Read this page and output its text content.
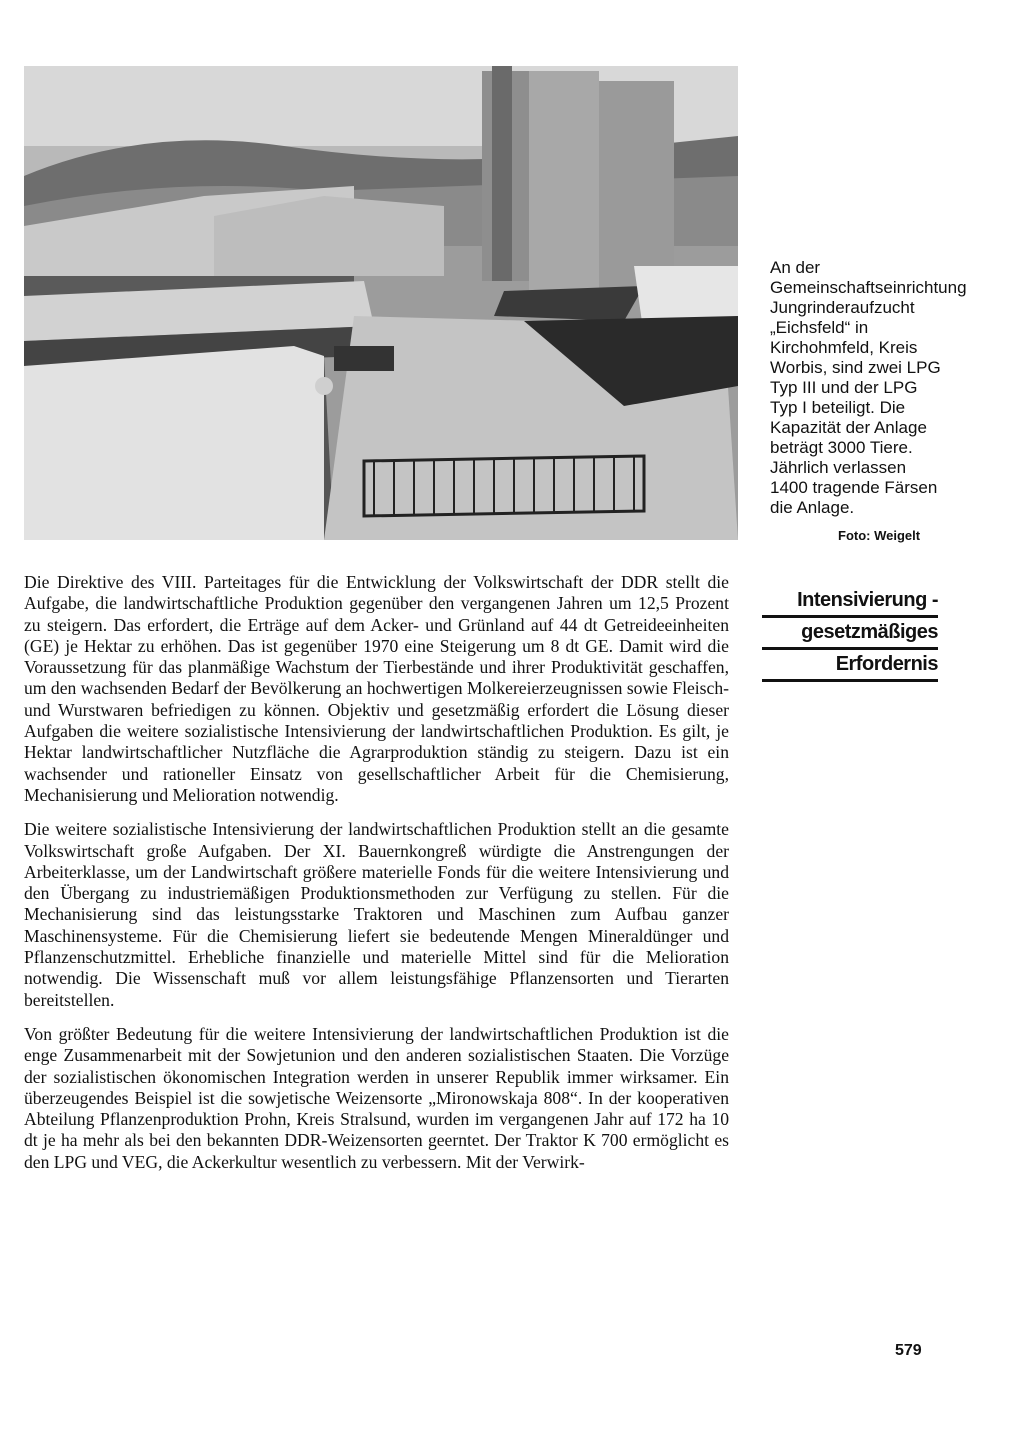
An der Gemeinschaftseinrichtung Jungrinderaufzucht „Eichsfeld“ in Kirchohmfeld, Kreis Worbis, sind zwei LPG Typ III und der LPG Typ I beteiligt. Die Kapazität der Anlage beträgt 3000 Tiere. Jährlich verlassen 1400 tragende Färsen die Anlage.
Foto: Weigelt
Intensivierung -
gesetzmäßiges
Erfordernis

Die Direktive des VIII. Parteitages für die Entwicklung der Volkswirtschaft der DDR stellt die Aufgabe, die landwirtschaftliche Produktion gegenüber den vergangenen Jahren um 12,5 Prozent zu steigern. Das erfordert, die Erträge auf dem Acker- und Grünland auf 44 dt Getreideeinheiten (GE) je Hektar zu erhöhen. Das ist gegenüber 1970 eine Steigerung um 8 dt GE. Damit wird die Voraussetzung für das planmäßige Wachstum der Tierbestände und ihrer Produktivität geschaffen, um den wachsenden Bedarf der Bevölkerung an hochwertigen Molkereierzeugnissen sowie Fleisch- und Wurstwaren befriedigen zu können. Objektiv und gesetzmäßig erfordert die Lösung dieser Aufgaben die weitere sozialistische Intensivierung der landwirtschaftlichen Produktion. Es gilt, je Hektar landwirtschaftlicher Nutzfläche die Agrarproduktion ständig zu steigern. Dazu ist ein wachsender und rationeller Einsatz von gesellschaftlicher Arbeit für die Chemisierung, Mechanisierung und Melioration notwendig.

Die weitere sozialistische Intensivierung der landwirtschaftlichen Produktion stellt an die gesamte Volkswirtschaft große Aufgaben. Der XI. Bauernkongreß würdigte die Anstrengungen der Arbeiterklasse, um der Landwirtschaft größere materielle Fonds für die weitere Intensivierung und den Übergang zu industriemäßigen Produktionsmethoden zur Verfügung zu stellen. Für die Mechanisierung sind das leistungsstarke Traktoren und Maschinen zum Aufbau ganzer Maschinensysteme. Für die Chemisierung liefert sie bedeutende Mengen Mineraldünger und Pflanzenschutzmittel. Erhebliche finanzielle und materielle Mittel sind für die Melioration notwendig. Die Wissenschaft muß vor allem leistungsfähige Pflanzensorten und Tierarten bereitstellen.

Von größter Bedeutung für die weitere Intensivierung der landwirtschaftlichen Produktion ist die enge Zusammenarbeit mit der Sowjetunion und den anderen sozialistischen Staaten. Die Vorzüge der sozialistischen ökonomischen Integration werden in unserer Republik immer wirksamer. Ein überzeugendes Beispiel ist die sowjetische Weizensorte „Mironowskaja 808“. In der kooperativen Abteilung Pflanzenproduktion Prohn, Kreis Stralsund, wurden im vergangenen Jahr auf 172 ha 10 dt je ha mehr als bei den bekannten DDR-Weizensorten geerntet. Der Traktor K 700 ermöglicht es den LPG und VEG, die Ackerkultur wesentlich zu verbessern. Mit der Verwirk-

579
